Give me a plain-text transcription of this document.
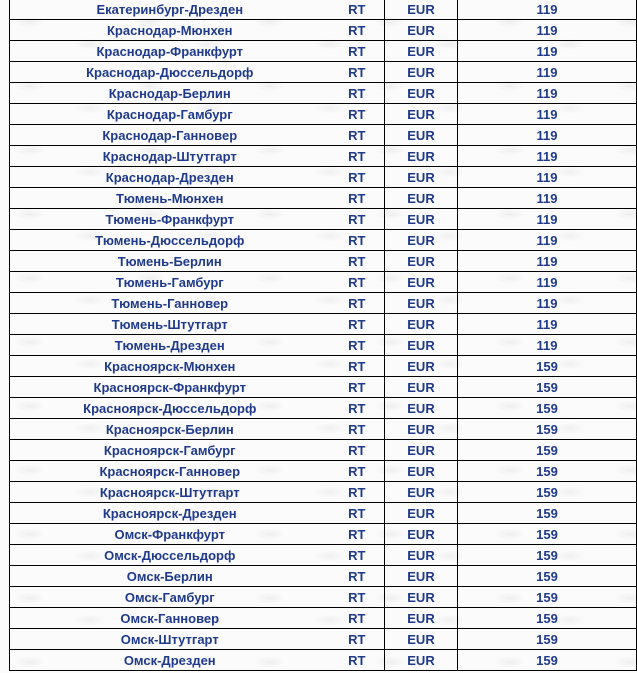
Екатеринбург-Дрезден	RT	EUR	119
Краснодар-Мюнхен	RT	EUR	119
Краснодар-Франкфурт	RT	EUR	119
Краснодар-Дюссельдорф	RT	EUR	119
Краснодар-Берлин	RT	EUR	119
Краснодар-Гамбург	RT	EUR	119
Краснодар-Ганновер	RT	EUR	119
Краснодар-Штутгарт	RT	EUR	119
Краснодар-Дрезден	RT	EUR	119
Тюмень-Мюнхен	RT	EUR	119
Тюмень-Франкфурт	RT	EUR	119
Тюмень-Дюссельдорф	RT	EUR	119
Тюмень-Берлин	RT	EUR	119
Тюмень-Гамбург	RT	EUR	119
Тюмень-Ганновер	RT	EUR	119
Тюмень-Штутгарт	RT	EUR	119
Тюмень-Дрезден	RT	EUR	119
Красноярск-Мюнхен	RT	EUR	159
Красноярск-Франкфурт	RT	EUR	159
Красноярск-Дюссельдорф	RT	EUR	159
Красноярск-Берлин	RT	EUR	159
Красноярск-Гамбург	RT	EUR	159
Красноярск-Ганновер	RT	EUR	159
Красноярск-Штутгарт	RT	EUR	159
Красноярск-Дрезден	RT	EUR	159
Омск-Франкфурт	RT	EUR	159
Омск-Дюссельдорф	RT	EUR	159
Омск-Берлин	RT	EUR	159
Омск-Гамбург	RT	EUR	159
Омск-Ганновер	RT	EUR	159
Омск-Штутгарт	RT	EUR	159
Омск-Дрезден	RT	EUR	159
